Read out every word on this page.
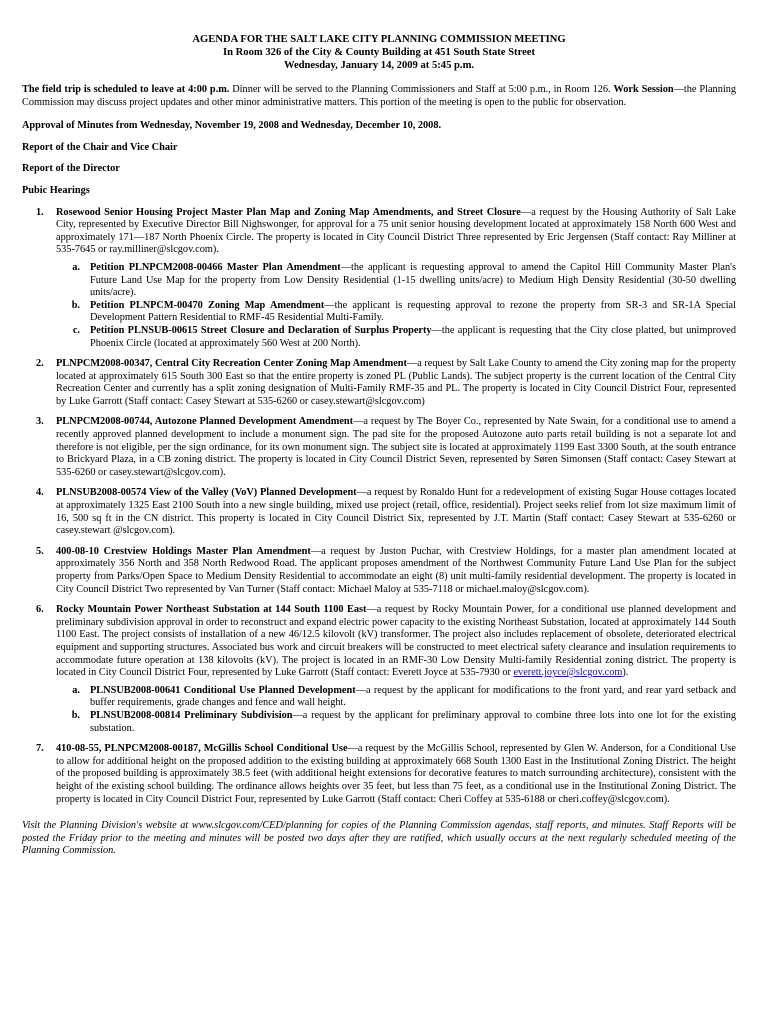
AGENDA FOR THE SALT LAKE CITY PLANNING COMMISSION MEETING
In Room 326 of the City & County Building at 451 South State Street
Wednesday, January 14, 2009 at 5:45 p.m.
The field trip is scheduled to leave at 4:00 p.m. Dinner will be served to the Planning Commissioners and Staff at 5:00 p.m., in Room 126. Work Session—the Planning Commission may discuss project updates and other minor administrative matters. This portion of the meeting is open to the public for observation.
Approval of Minutes from Wednesday, November 19, 2008 and Wednesday, December 10, 2008.
Report of the Chair and Vice Chair
Report of the Director
Pubic Hearings
1.	Rosewood Senior Housing Project Master Plan Map and Zoning Map Amendments, and Street Closure—a request by the Housing Authority of Salt Lake City, represented by Executive Director Bill Nighswonger, for approval for a 75 unit senior housing development located at approximately 158 North 600 West and approximately 171—187 North Phoenix Circle. The property is located in City Council District Three represented by Eric Jergensen (Staff contact: Ray Milliner at 535-7645 or ray.milliner@slcgov.com).
a. Petition PLNPCM2008-00466 Master Plan Amendment—the applicant is requesting approval to amend the Capitol Hill Community Master Plan's Future Land Use Map for the property from Low Density Residential (1-15 dwelling units/acre) to Medium High Density Residential (30-50 dwelling units/acre).
b. Petition PLNPCM-00470 Zoning Map Amendment—the applicant is requesting approval to rezone the property from SR-3 and SR-1A Special Development Pattern Residential to RMF-45 Residential Multi-Family.
c. Petition PLNSUB-00615 Street Closure and Declaration of Surplus Property—the applicant is requesting that the City close platted, but unimproved Phoenix Circle (located at approximately 560 West at 200 North).
2.	PLNPCM2008-00347, Central City Recreation Center Zoning Map Amendment—a request by Salt Lake County to amend the City zoning map for the property located at approximately 615 South 300 East so that the entire property is zoned PL (Public Lands). The subject property is the current location of the Central City Recreation Center and currently has a split zoning designation of Multi-Family RMF-35 and PL. The property is located in City Council District Four, represented by Luke Garrott (Staff contact: Casey Stewart at 535-6260 or casey.stewart@slcgov.com)
3.	PLNPCM2008-00744, Autozone Planned Development Amendment—a request by The Boyer Co., represented by Nate Swain, for a conditional use to amend a recently approved planned development to include a monument sign. The pad site for the proposed Autozone auto parts retail building is not a separate lot and therefore is not eligible, per the sign ordinance, for its own monument sign. The subject site is located at approximately 1199 East 3300 South, at the south entrance to Brickyard Plaza, in a CB zoning district. The property is located in City Council District Seven, represented by Søren Simonsen (Staff contact: Casey Stewart at 535-6260 or casey.stewart@slcgov.com).
4.	PLNSUB2008-00574 View of the Valley (VoV) Planned Development—a request by Ronaldo Hunt for a redevelopment of existing Sugar House cottages located at approximately 1325 East 2100 South into a new single building, mixed use project (retail, office, residential). Project seeks relief from lot size maximum limit of 16, 500 sq ft in the CN district. This property is located in City Council District Six, represented by J.T. Martin (Staff contact: Casey Stewart at 535-6260 or casey.stewart @slcgov.com).
5.	400-08-10 Crestview Holdings Master Plan Amendment—a request by Juston Puchar, with Crestview Holdings, for a master plan amendment located at approximately 356 North and 358 North Redwood Road. The applicant proposes amendment of the Northwest Community Future Land Use Plan for the subject property from Parks/Open Space to Medium Density Residential to accommodate an eight (8) unit multi-family residential development. The property is located in City Council District Two represented by Van Turner (Staff contact: Michael Maloy at 535-7118 or michael.maloy@slcgov.com).
6.	Rocky Mountain Power Northeast Substation at 144 South 1100 East—a request by Rocky Mountain Power, for a conditional use planned development and preliminary subdivision approval in order to reconstruct and expand electric power capacity to the existing Northeast Substation, located at approximately 144 South 1100 East. The project consists of installation of a new 46/12.5 kilovolt (kV) transformer. The project also includes replacement of obsolete, deteriorated electrical equipment and supporting structures. Associated bus work and circuit breakers will be constructed to meet electrical safety clearance and insulation requirements to accommodate future operation at 138 kilovolts (kV). The project is located in an RMF-30 Low Density Multi-family Residential zoning district. The property is located in City Council District Four, represented by Luke Garrott (Staff contact: Everett Joyce at 535-7930 or everett.joyce@slcgov.com).
a. PLNSUB2008-00641 Conditional Use Planned Development—a request by the applicant for modifications to the front yard, and rear yard setback and buffer requirements, grade changes and fence and wall height.
b. PLNSUB2008-00814 Preliminary Subdivision—a request by the applicant for preliminary approval to combine three lots into one lot for the existing substation.
7.	410-08-55, PLNPCM2008-00187, McGillis School Conditional Use—a request by the McGillis School, represented by Glen W. Anderson, for a Conditional Use to allow for additional height on the proposed addition to the existing building at approximately 668 South 1300 East in the Institutional Zoning District. The height of the proposed building is approximately 38.5 feet (with additional height extensions for decorative features to match surrounding architecture), consistent with the height of the existing school building. The ordinance allows heights over 35 feet, but less than 75 feet, as a conditional use in the Institutional Zoning District. The property is located in City Council District Four, represented by Luke Garrott (Staff contact: Cheri Coffey at 535-6188 or cheri.coffey@slcgov.com).
Visit the Planning Division's website at www.slcgov.com/CED/planning for copies of the Planning Commission agendas, staff reports, and minutes. Staff Reports will be posted the Friday prior to the meeting and minutes will be posted two days after they are ratified, which usually occurs at the next regularly scheduled meeting of the Planning Commission.
